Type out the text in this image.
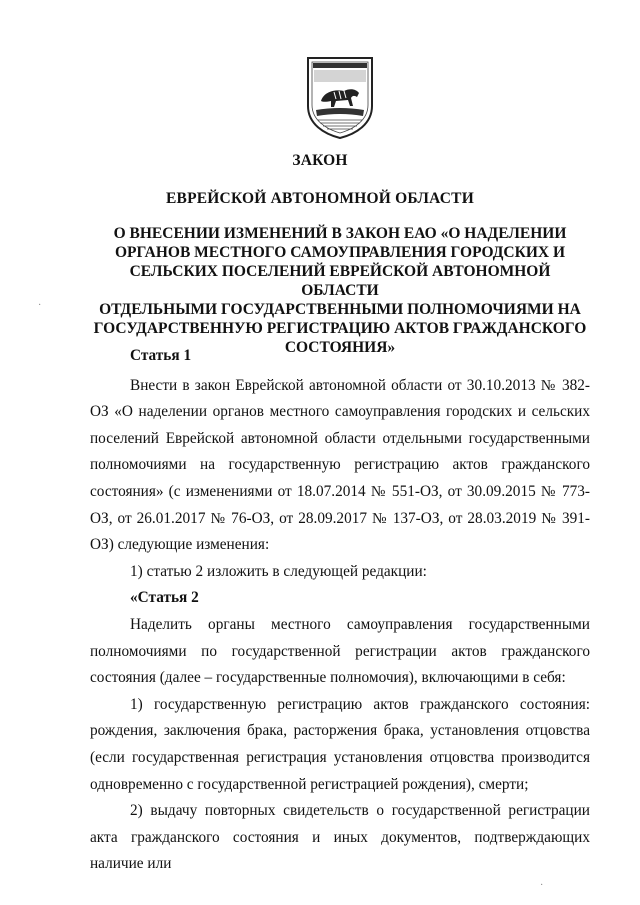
ЗАКОН
ЕВРЕЙСКОЙ АВТОНОМНОЙ ОБЛАСТИ
О ВНЕСЕНИИ ИЗМЕНЕНИЙ В ЗАКОН ЕАО «О НАДЕЛЕНИИ
ОРГАНОВ МЕСТНОГО САМОУПРАВЛЕНИЯ ГОРОДСКИХ И
СЕЛЬСКИХ ПОСЕЛЕНИЙ ЕВРЕЙСКОЙ АВТОНОМНОЙ ОБЛАСТИ
ОТДЕЛЬНЫМИ ГОСУДАРСТВЕННЫМИ ПОЛНОМОЧИЯМИ НА
ГОСУДАРСТВЕННУЮ РЕГИСТРАЦИЮ АКТОВ ГРАЖДАНСКОГО
СОСТОЯНИЯ»

Статья 1

Внести в закон Еврейской автономной области от 30.10.2013 № 382-ОЗ «О наделении органов местного самоуправления городских и сельских поселений Еврейской автономной области отдельными государственными полномочиями на государственную регистрацию актов гражданского состояния» (с изменениями от 18.07.2014 № 551-ОЗ, от 30.09.2015 № 773-ОЗ, от 26.01.2017 № 76-ОЗ, от 28.09.2017 № 137-ОЗ, от 28.03.2019 № 391-ОЗ) следующие изменения:

1) статью 2 изложить в следующей редакции:

«Статья 2

Наделить органы местного самоуправления государственными полномочиями по государственной регистрации актов гражданского состояния (далее – государственные полномочия), включающими в себя:

1) государственную регистрацию актов гражданского состояния: рождения, заключения брака, расторжения брака, установления отцовства (если государственная регистрация установления отцовства производится одновременно с государственной регистрацией рождения), смерти;

2) выдачу повторных свидетельств о государственной регистрации акта гражданского состояния и иных документов, подтверждающих наличие или

·
·
